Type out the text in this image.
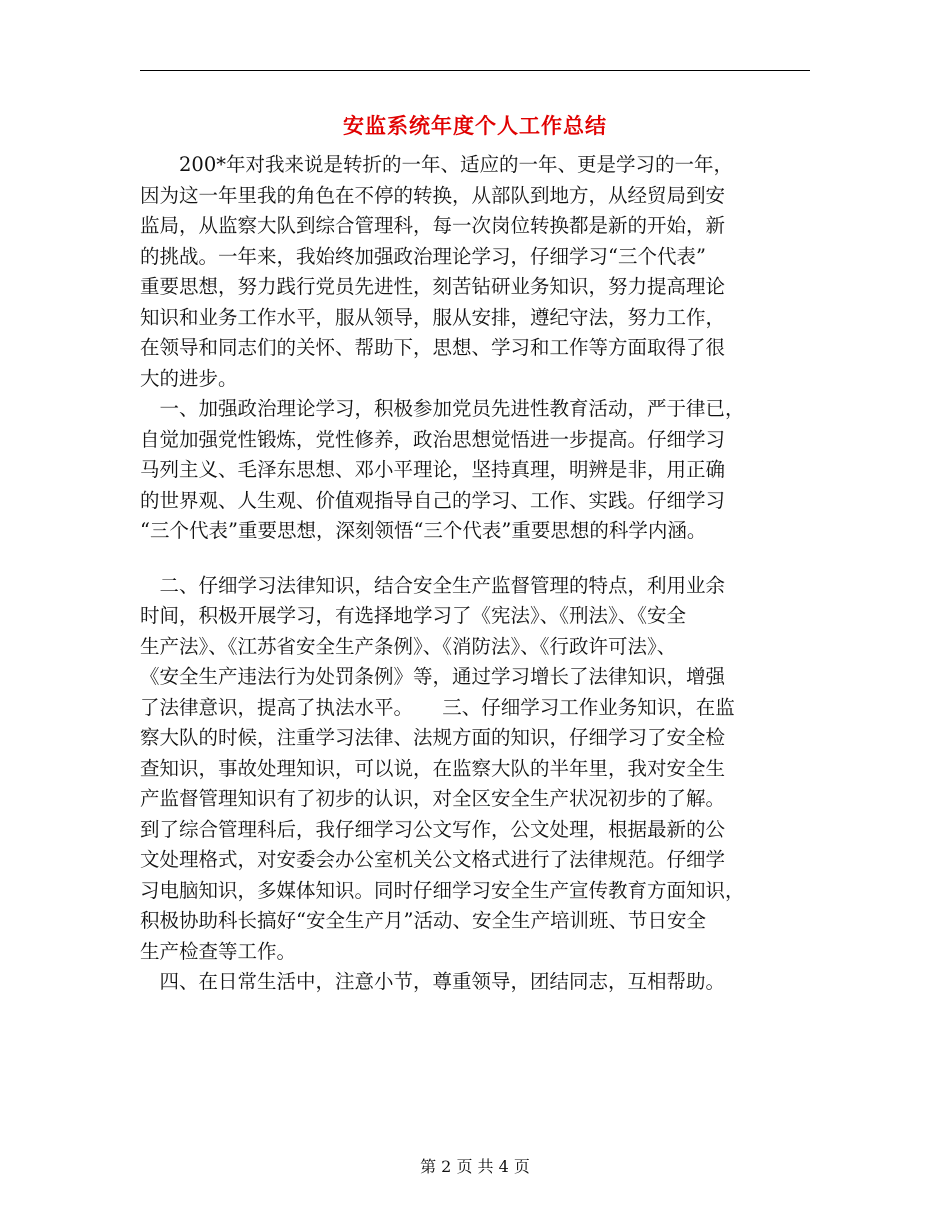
安监系统年度个人工作总结
　　200*年对我来说是转折的一年、适应的一年、更是学习的一年，
因为这一年里我的角色在不停的转换，从部队到地方，从经贸局到安
监局，从监察大队到综合管理科，每一次岗位转换都是新的开始，新
的挑战。一年来，我始终加强政治理论学习，仔细学习“三个代表”
重要思想，努力践行党员先进性，刻苦钻研业务知识，努力提高理论
知识和业务工作水平，服从领导，服从安排，遵纪守法，努力工作，
在领导和同志们的关怀、帮助下，思想、学习和工作等方面取得了很
大的进步。
　一、加强政治理论学习，积极参加党员先进性教育活动，严于律已，
自觉加强党性锻炼，党性修养，政治思想觉悟进一步提高。仔细学习
马列主义、毛泽东思想、邓小平理论，坚持真理，明辨是非，用正确
的世界观、人生观、价值观指导自己的学习、工作、实践。仔细学习
“三个代表”重要思想，深刻领悟“三个代表”重要思想的科学内涵。
　二、仔细学习法律知识，结合安全生产监督管理的特点，利用业余
时间，积极开展学习，有选择地学习了《宪法》、《刑法》、《安全
生产法》、《江苏省安全生产条例》、《消防法》、《行政许可法》、
《安全生产违法行为处罚条例》等，通过学习增长了法律知识，增强
了法律意识，提高了执法水平。　　三、仔细学习工作业务知识，在监
察大队的时候，注重学习法律、法规方面的知识，仔细学习了安全检
查知识，事故处理知识，可以说，在监察大队的半年里，我对安全生
产监督管理知识有了初步的认识，对全区安全生产状况初步的了解。
到了综合管理科后，我仔细学习公文写作，公文处理，根据最新的公
文处理格式，对安委会办公室机关公文格式进行了法律规范。仔细学
习电脑知识，多媒体知识。同时仔细学习安全生产宣传教育方面知识，
积极协助科长搞好“安全生产月”活动、安全生产培训班、节日安全
生产检查等工作。
　四、在日常生活中，注意小节，尊重领导，团结同志，互相帮助。
第 2 页 共 4 页
